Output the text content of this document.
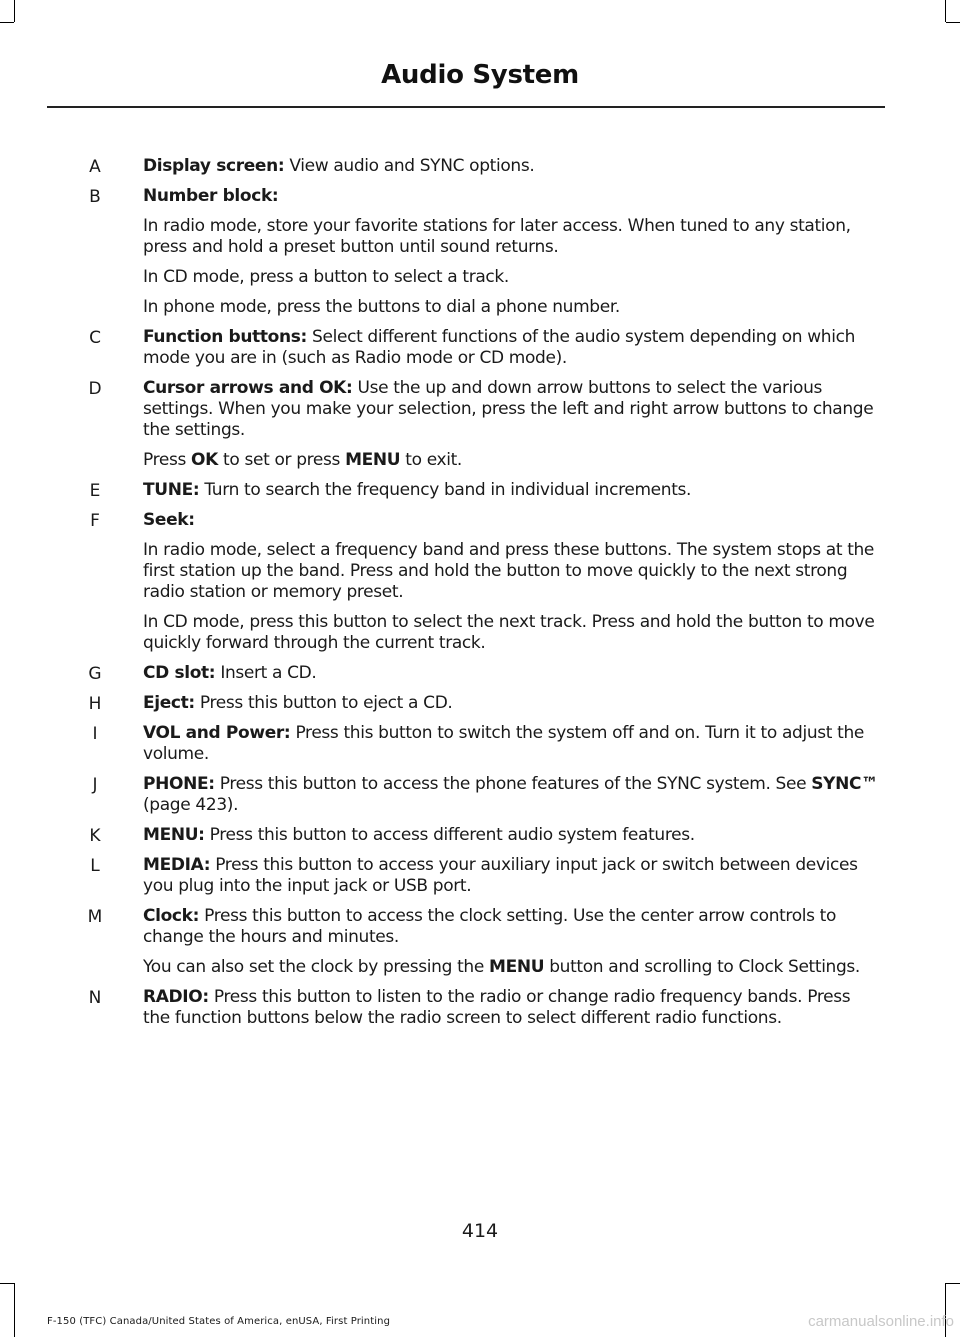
Audio System
A Display screen: View audio and SYNC options.
B Number block:
In radio mode, store your favorite stations for later access. When tuned to any station, press and hold a preset button until sound returns.
In CD mode, press a button to select a track.
In phone mode, press the buttons to dial a phone number.
C Function buttons: Select different functions of the audio system depending on which mode you are in (such as Radio mode or CD mode).
D Cursor arrows and OK: Use the up and down arrow buttons to select the various settings. When you make your selection, press the left and right arrow buttons to change the settings.
Press OK to set or press MENU to exit.
E	TUNE: Turn to search the frequency band in individual increments.
F	Seek:
In radio mode, select a frequency band and press these buttons. The system stops at the first station up the band. Press and hold the button to move quickly to the next strong radio station or memory preset.
In CD mode, press this button to select the next track. Press and hold the button to move quickly forward through the current track.
G CD slot: Insert a CD.
H Eject: Press this button to eject a CD.
I	VOL and Power: Press this button to switch the system off and on. Turn it to adjust the volume.
J	PHONE: Press this button to access the phone features of the SYNC system. See SYNC™ (page 423).
K MENU: Press this button to access different audio system features.
L	MEDIA: Press this button to access your auxiliary input jack or switch between devices you plug into the input jack or USB port.
M Clock: Press this button to access the clock setting. Use the center arrow controls to change the hours and minutes.
You can also set the clock by pressing the MENU button and scrolling to Clock Settings.
N RADIO: Press this button to listen to the radio or change radio frequency bands. Press the function buttons below the radio screen to select different radio functions.
414
F-150 (TFC) Canada/United States of America, enUSA, First Printing	carmanualsonline.info
